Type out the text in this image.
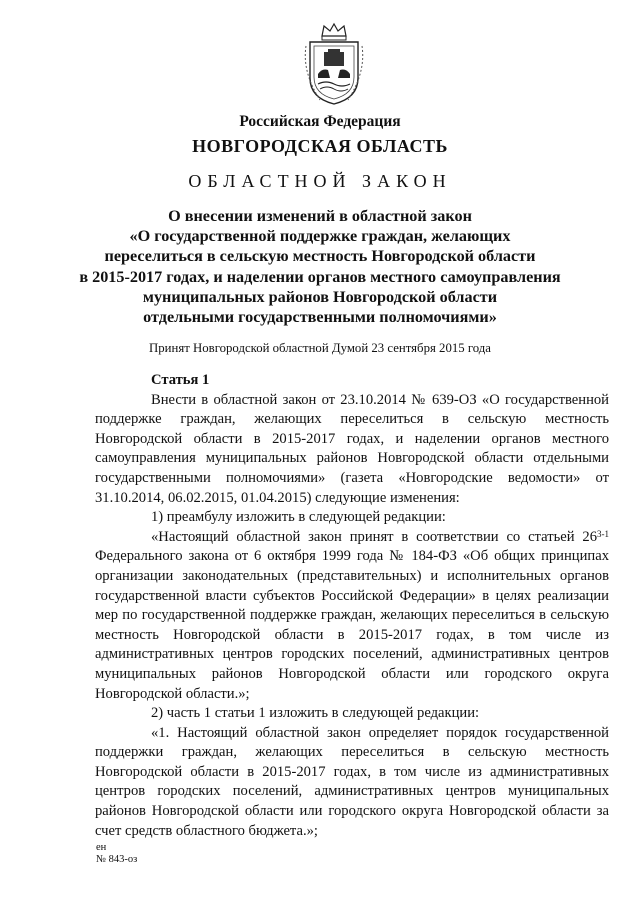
Российская Федерация

НОВГОРОДСКАЯ ОБЛАСТЬ

ОБЛАСТНОЙ ЗАКОН

О внесении изменений в областной закон
«О государственной поддержке граждан, желающих
переселиться в сельскую местность Новгородской области
в 2015-2017 годах, и наделении органов местного самоуправления
муниципальных районов Новгородской области
отдельными государственными полномочиями»

Принят Новгородской областной Думой 23 сентября 2015 года

Статья 1

Внести в областной закон от 23.10.2014 № 639-ОЗ «О государственной поддержке граждан, желающих переселиться в сельскую местность Новгородской области в 2015-2017 годах, и наделении органов местного самоуправления муниципальных районов Новгородской области отдельными государственными полномочиями» (газета «Новгородские ведомости» от 31.10.2014, 06.02.2015, 01.04.2015) следующие изменения:

1) преамбулу изложить в следующей редакции:

«Настоящий областной закон принят в соответствии со статьей 26$^{3-1}$ Федерального закона от 6 октября 1999 года № 184-ФЗ «Об общих принципах организации законодательных (представительных) и исполнительных органов государственной власти субъектов Российской Федерации» в целях реализации мер по государственной поддержке граждан, желающих переселиться в сельскую местность Новгородской области в 2015-2017 годах, в том числе из административных центров городских поселений, административных центров муниципальных районов Новгородской области или городского округа Новгородской области.»;

2) часть 1 статьи 1 изложить в следующей редакции:

«1. Настоящий областной закон определяет порядок государственной поддержки граждан, желающих переселиться в сельскую местность Новгородской области в 2015-2017 годах, в том числе из административных центров городских поселений, административных центров муниципальных районов Новгородской области или городского округа Новгородской области за счет средств областного бюджета.»;

ен
№ 843-оз
